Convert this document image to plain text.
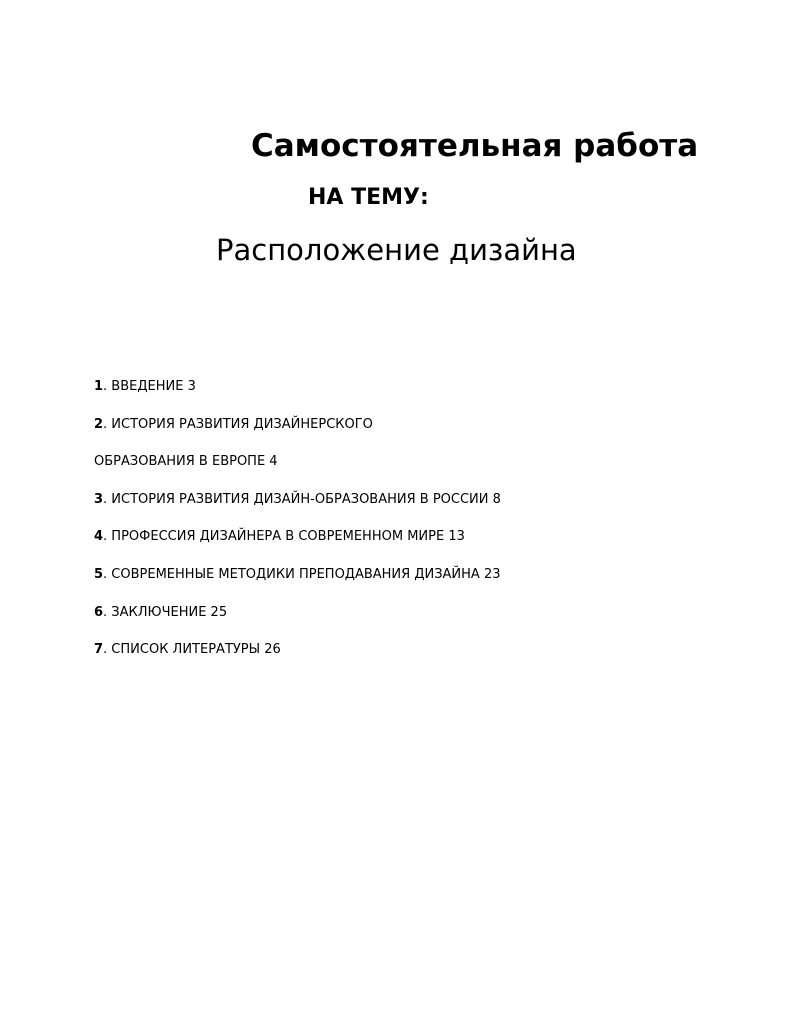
Самостоятельная работа
НА ТЕМУ:
Расположение дизайна
1. ВВЕДЕНИЕ 3
2. ИСТОРИЯ РАЗВИТИЯ ДИЗАЙНЕРСКОГО
ОБРАЗОВАНИЯ В ЕВРОПЕ 4
3. ИСТОРИЯ РАЗВИТИЯ ДИЗАЙН-ОБРАЗОВАНИЯ В РОССИИ 8
4. ПРОФЕССИЯ ДИЗАЙНЕРА В СОВРЕМЕННОМ МИРЕ 13
5. СОВРЕМЕННЫЕ МЕТОДИКИ ПРЕПОДАВАНИЯ ДИЗАЙНА 23
6. ЗАКЛЮЧЕНИЕ 25
7. СПИСОК ЛИТЕРАТУРЫ 26
